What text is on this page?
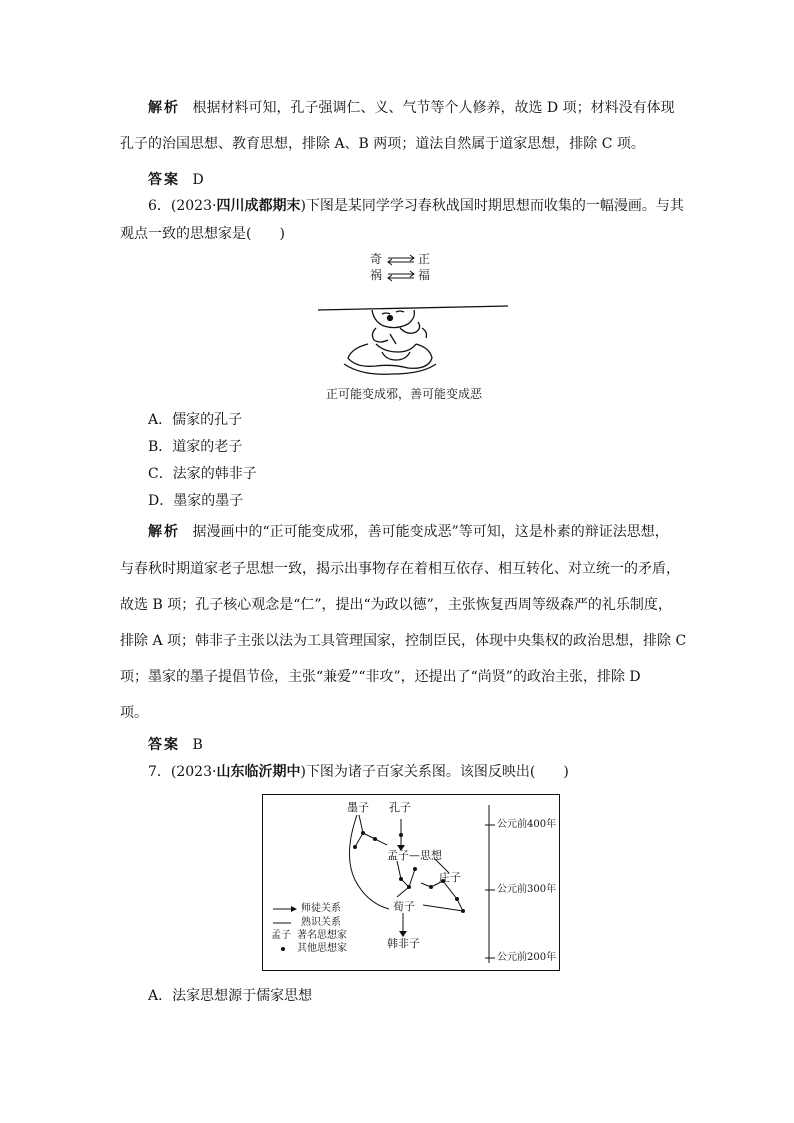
解析 根据材料可知，孔子强调仁、义、气节等个人修养，故选 D 项；材料没有体现
孔子的治国思想、教育思想，排除 A、B 两项；道法自然属于道家思想，排除 C 项。
答案 D
6．(2023·四川成都期末)下图是某同学学习春秋战国时期思想而收集的一幅漫画。与其
观点一致的思想家是(　　)
奇	正
祸	福
正可能变成邪，善可能变成恶
A．儒家的孔子
B．道家的老子
C．法家的韩非子
D．墨家的墨子
解析 据漫画中的“正可能变成邪，善可能变成恶”等可知，这是朴素的辩证法思想，
与春秋时期道家老子思想一致，揭示出事物存在着相互依存、相互转化、对立统一的矛盾，
故选 B 项；孔子核心观念是“仁”，提出“为政以德”，主张恢复西周等级森严的礼乐制度，
排除 A 项；韩非子主张以法为工具管理国家，控制臣民，体现中央集权的政治思想，排除 C
项；墨家的墨子提倡节俭，主张“兼爱”“非攻”，还提出了“尚贤”的政治主张，排除 D
项。
答案 B
7．(2023·山东临沂期中)下图为诸子百家关系图。该图反映出(　　)
墨子 孔子
孟子—思想
庄子
荀子
韩非子
公元前400年
公元前300年
公元前200年
师徒关系
熟识关系
孟子 著名思想家
其他思想家
A．法家思想源于儒家思想
